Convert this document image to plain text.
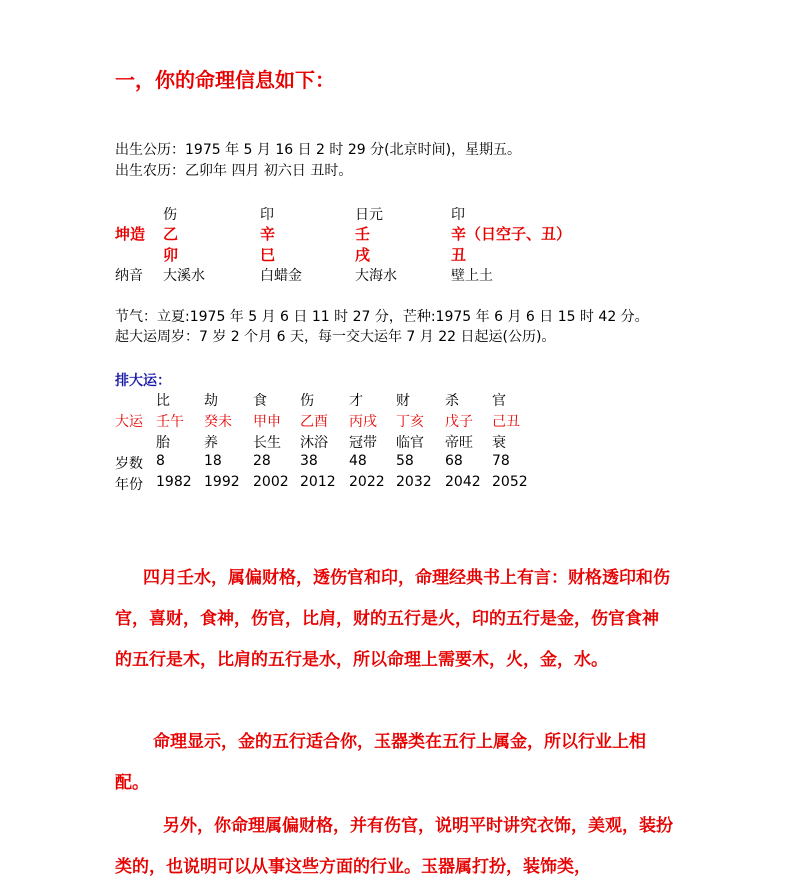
一，你的命理信息如下：
出生公历：1975 年 5 月 16 日 2 时 29 分(北京时间)，星期五。
出生农历：乙卯年 四月 初六日 丑时。
伤	印	日元	印
坤造 乙	辛	壬	辛（日空子、丑）
卯	巳	戌	丑
纳音 大溪水	白蜡金	大海水	壁上土
节气：立夏:1975 年 5 月 6 日 11 时 27 分，芒种:1975 年 6 月 6 日 15 时 42 分。
起大运周岁：7 岁 2 个月 6 天，每一交大运年 7 月 22 日起运(公历)。
排大运：
比 劫	食 伤	才 财	杀 官
大运 壬午 癸未 甲申 乙酉 丙戌 丁亥 戊子 己丑
胎 养	长生 沐浴 冠带 临官 帝旺 衰
岁数 8	18 28 38 48 58 68 78
年份 1982 1992 2002 2012 2022 2032 2042 2052
四月壬水，属偏财格，透伤官和印，命理经典书上有言：财格透印和伤官，喜财，食神，伤官，比肩，财的五行是火，印的五行是金，伤官食神的五行是木，比肩的五行是水，所以命理上需要木，火，金，水。
命理显示，金的五行适合你，玉器类在五行上属金，所以行业上相配。
另外，你命理属偏财格，并有伤官，说明平时讲究衣饰，美观，装扮类的，也说明可以从事这些方面的行业。玉器属打扮，装饰类，
